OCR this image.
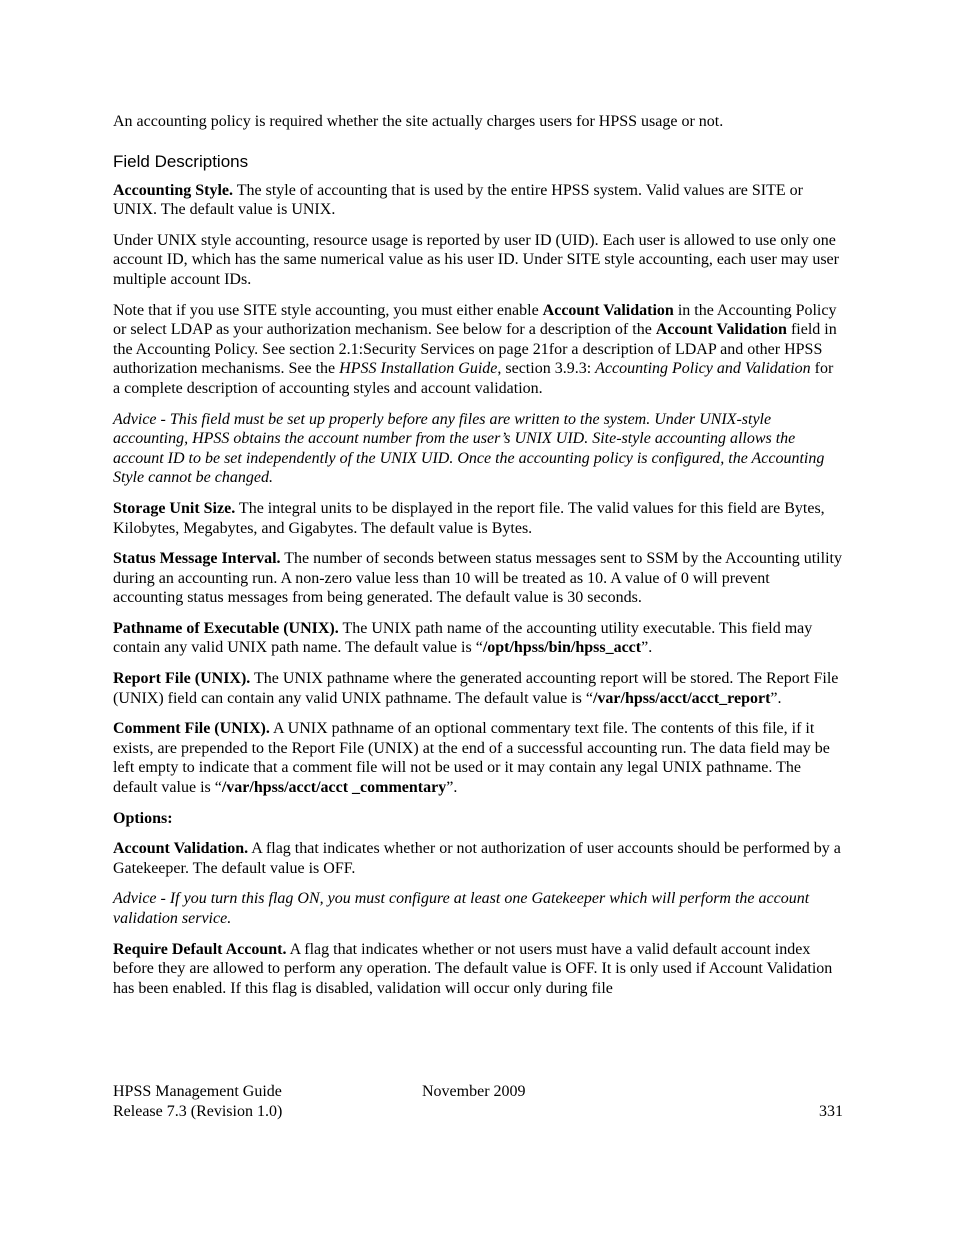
An accounting policy is required whether the site actually charges users for HPSS usage or not.

Field Descriptions

Accounting Style. The style of accounting that is used by the entire HPSS system. Valid values are SITE or UNIX. The default value is UNIX.

Under UNIX style accounting, resource usage is reported by user ID (UID). Each user is allowed to use only one account ID, which has the same numerical value as his user ID. Under SITE style accounting, each user may user multiple account IDs.

Note that if you use SITE style accounting, you must either enable Account Validation in the Accounting Policy or select LDAP as your authorization mechanism. See below for a description of the Account Validation field in the Accounting Policy. See section 2.1:Security Services on page 21for a description of LDAP and other HPSS authorization mechanisms. See the HPSS Installation Guide, section 3.9.3: Accounting Policy and Validation for a complete description of accounting styles and account validation.

Advice - This field must be set up properly before any files are written to the system. Under UNIX-style accounting, HPSS obtains the account number from the user’s UNIX UID. Site-style accounting allows the account ID to be set independently of the UNIX UID. Once the accounting policy is configured, the Accounting Style cannot be changed.

Storage Unit Size. The integral units to be displayed in the report file. The valid values for this field are Bytes, Kilobytes, Megabytes, and Gigabytes. The default value is Bytes.

Status Message Interval. The number of seconds between status messages sent to SSM by the Accounting utility during an accounting run. A non-zero value less than 10 will be treated as 10. A value of 0 will prevent accounting status messages from being generated. The default value is 30 seconds.

Pathname of Executable (UNIX). The UNIX path name of the accounting utility executable. This field may contain any valid UNIX path name. The default value is “/opt/hpss/bin/hpss_acct”.

Report File (UNIX). The UNIX pathname where the generated accounting report will be stored. The Report File (UNIX) field can contain any valid UNIX pathname. The default value is “/var/hpss/acct/acct_report”.

Comment File (UNIX). A UNIX pathname of an optional commentary text file. The contents of this file, if it exists, are prepended to the Report File (UNIX) at the end of a successful accounting run. The data field may be left empty to indicate that a comment file will not be used or it may contain any legal UNIX pathname. The default value is “/var/hpss/acct/acct _commentary”.

Options:

Account Validation. A flag that indicates whether or not authorization of user accounts should be performed by a Gatekeeper. The default value is OFF.

Advice - If you turn this flag ON, you must configure at least one Gatekeeper which will perform the account validation service.

Require Default Account. A flag that indicates whether or not users must have a valid default account index before they are allowed to perform any operation. The default value is OFF. It is only used if Account Validation has been enabled. If this flag is disabled, validation will occur only during file

HPSS Management Guide	November 2009
Release 7.3 (Revision 1.0)	331
